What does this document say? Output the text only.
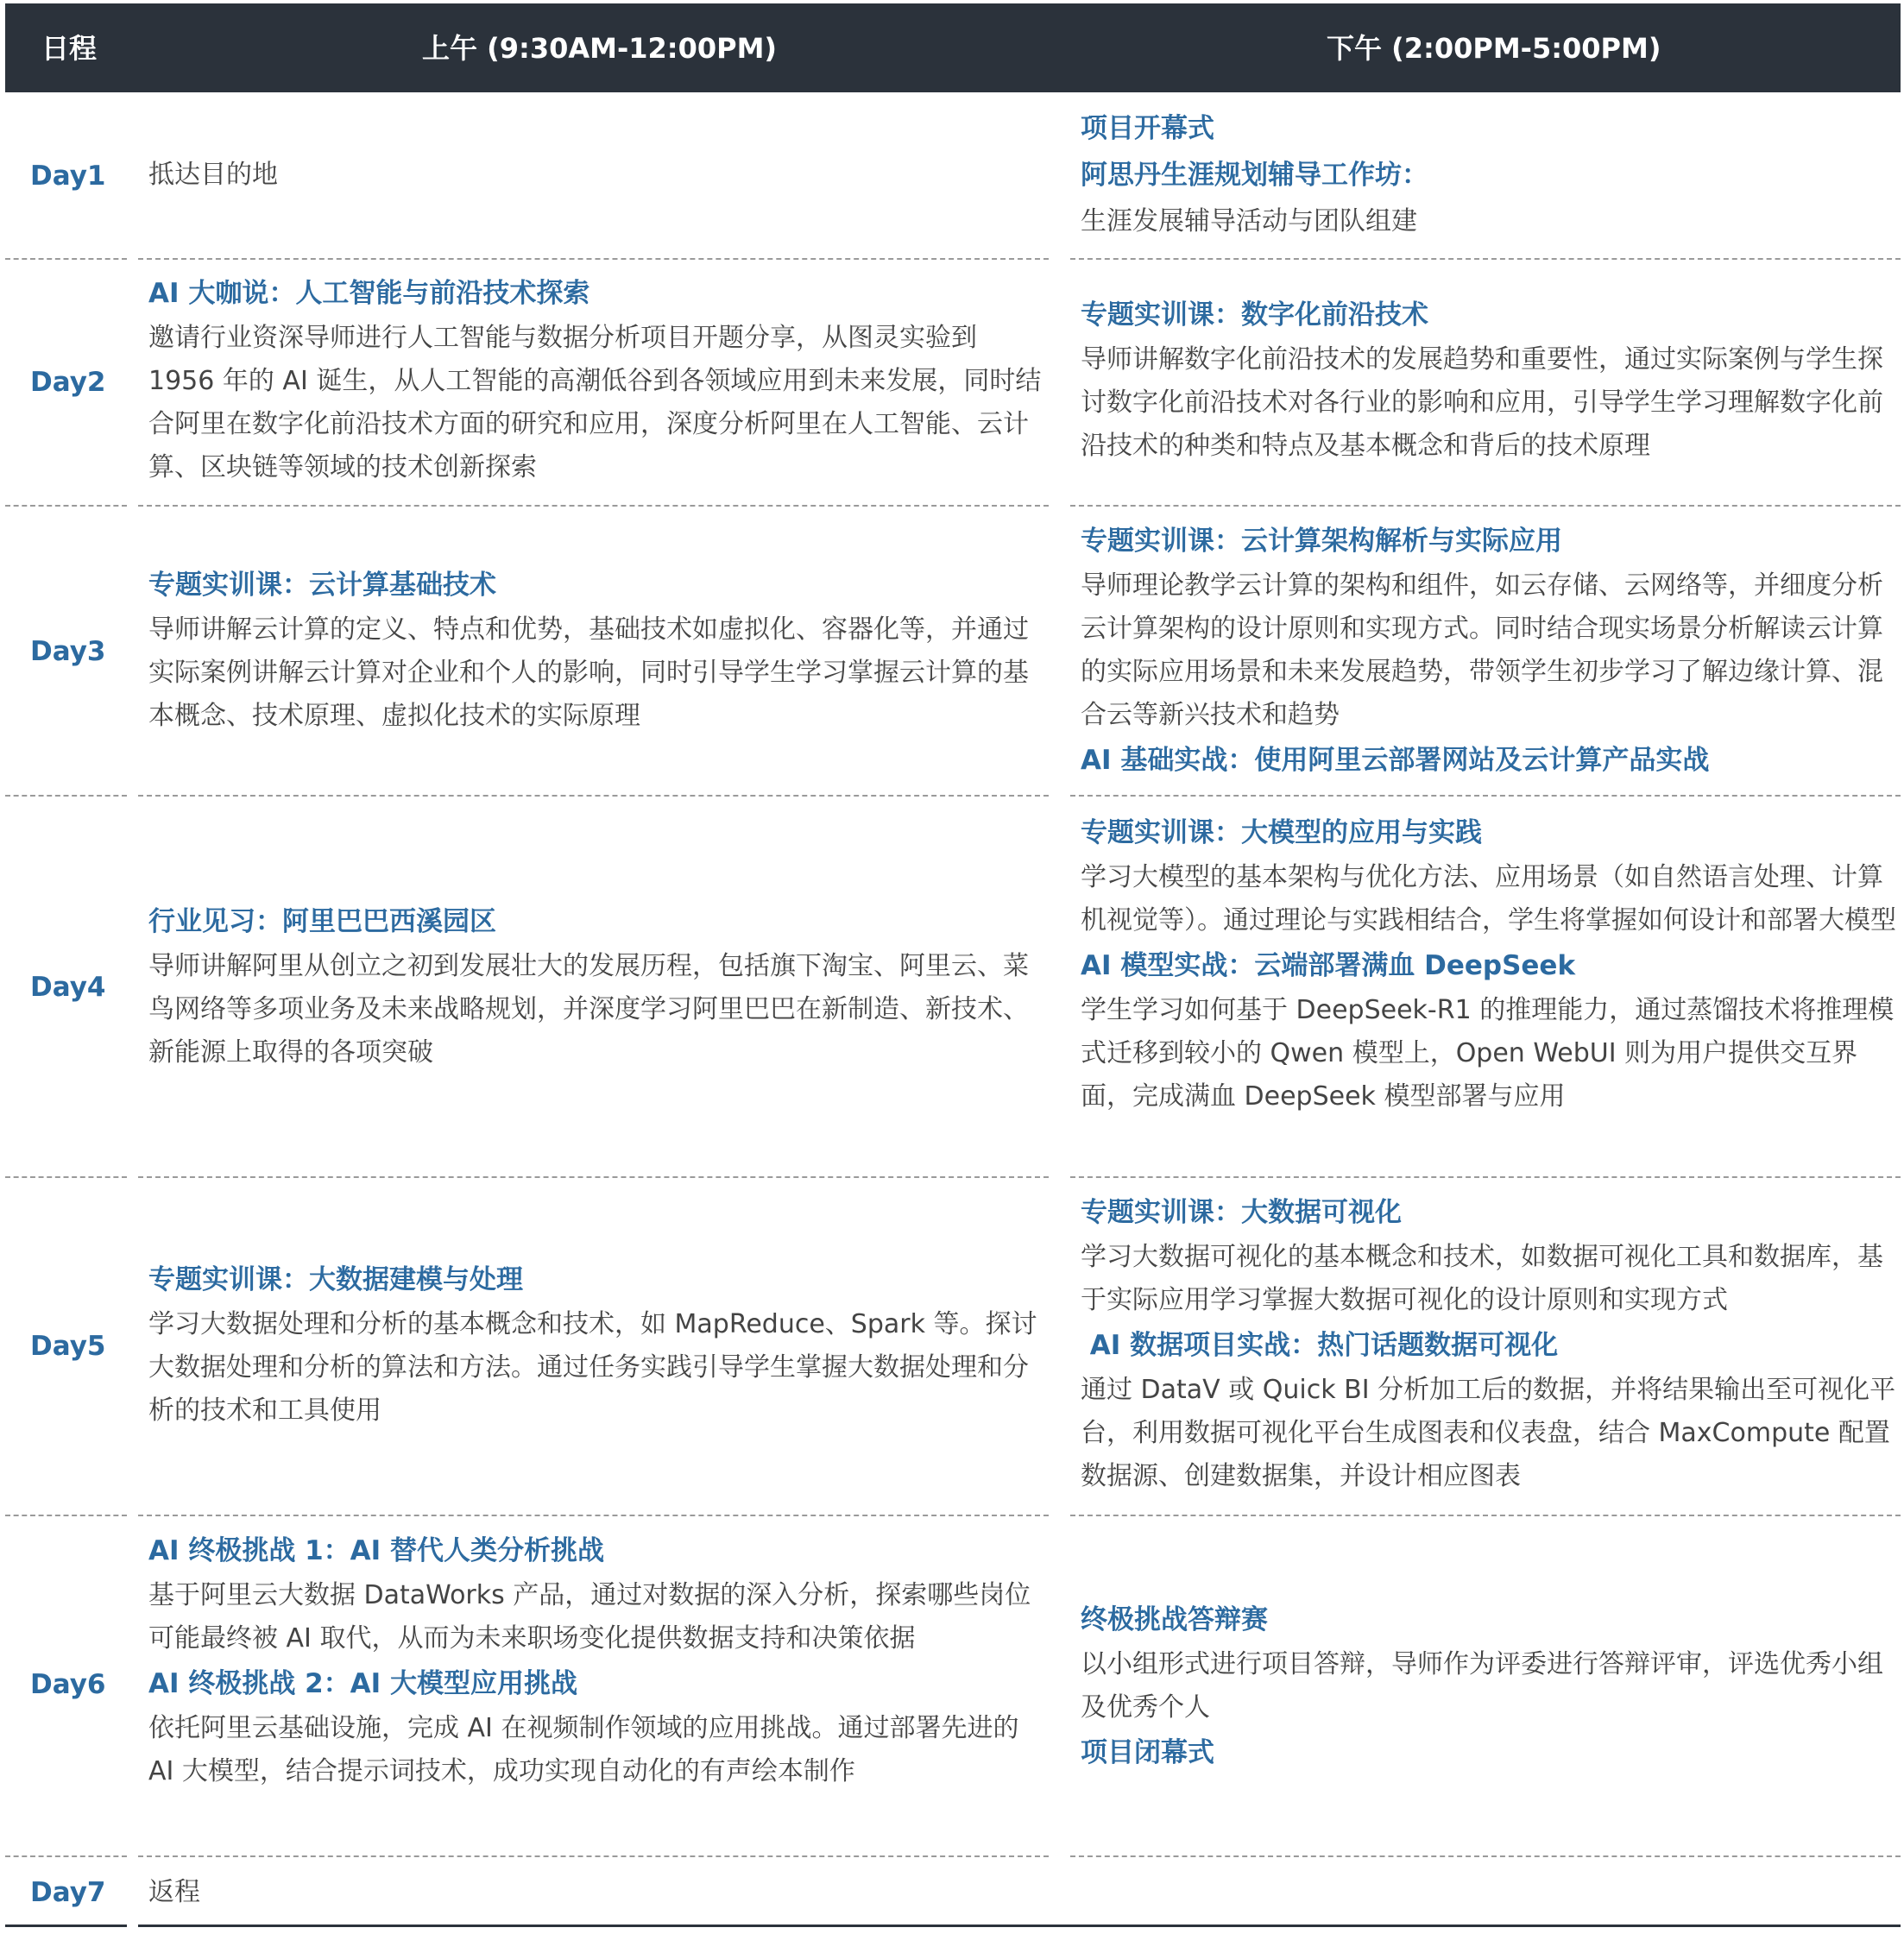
日程	上午 (9:30AM-12:00PM)	下午 (2:00PM-5:00PM)
Day1 抵达目的地
项目开幕式
阿思丹生涯规划辅导工作坊：
生涯发展辅导活动与团队组建
Day2
AI 大咖说：人工智能与前沿技术探索
邀请行业资深导师进行人工智能与数据分析项目开题分享，从图灵实验到 1956 年的 AI 诞生，从人工智能的高潮低谷到各领域应用到未来发展，同时结合阿里在数字化前沿技术方面的研究和应用，深度分析阿里在人工智能、云计算、区块链等领域的技术创新探索
专题实训课：数字化前沿技术
导师讲解数字化前沿技术的发展趋势和重要性，通过实际案例与学生探讨数字化前沿技术对各行业的影响和应用，引导学生学习理解数字化前沿技术的种类和特点及基本概念和背后的技术原理
Day3
专题实训课：云计算基础技术
导师讲解云计算的定义、特点和优势，基础技术如虚拟化、容器化等，并通过实际案例讲解云计算对企业和个人的影响，同时引导学生学习掌握云计算的基本概念、技术原理、虚拟化技术的实际原理
专题实训课：云计算架构解析与实际应用
导师理论教学云计算的架构和组件，如云存储、云网络等，并细度分析云计算架构的设计原则和实现方式。同时结合现实场景分析解读云计算的实际应用场景和未来发展趋势，带领学生初步学习了解边缘计算、混合云等新兴技术和趋势
AI 基础实战：使用阿里云部署网站及云计算产品实战
Day4
行业见习：阿里巴巴西溪园区
导师讲解阿里从创立之初到发展壮大的发展历程，包括旗下淘宝、阿里云、菜鸟网络等多项业务及未来战略规划，并深度学习阿里巴巴在新制造、新技术、新能源上取得的各项突破
专题实训课：大模型的应用与实践
学习大模型的基本架构与优化方法、应用场景（如自然语言处理、计算机视觉等）。通过理论与实践相结合，学生将掌握如何设计和部署大模型
AI 模型实战：云端部署满血 DeepSeek
学生学习如何基于 DeepSeek-R1 的推理能力，通过蒸馏技术将推理模式迁移到较小的 Qwen 模型上，Open WebUI 则为用户提供交互界面，完成满血 DeepSeek 模型部署与应用
Day5
专题实训课：大数据建模与处理
学习大数据处理和分析的基本概念和技术，如 MapReduce、Spark 等。探讨大数据处理和分析的算法和方法。通过任务实践引导学生掌握大数据处理和分析的技术和工具使用
专题实训课：大数据可视化
学习大数据可视化的基本概念和技术，如数据可视化工具和数据库，基于实际应用学习掌握大数据可视化的设计原则和实现方式
AI 数据项目实战：热门话题数据可视化
通过 DataV 或 Quick BI 分析加工后的数据，并将结果输出至可视化平台，利用数据可视化平台生成图表和仪表盘，结合 MaxCompute 配置数据源、创建数据集，并设计相应图表
Day6
AI 终极挑战 1：AI 替代人类分析挑战
基于阿里云大数据 DataWorks 产品，通过对数据的深入分析，探索哪些岗位可能最终被 AI 取代，从而为未来职场变化提供数据支持和决策依据
AI 终极挑战 2：AI 大模型应用挑战
依托阿里云基础设施，完成 AI 在视频制作领域的应用挑战。通过部署先进的 AI 大模型，结合提示词技术，成功实现自动化的有声绘本制作
终极挑战答辩赛
以小组形式进行项目答辩，导师作为评委进行答辩评审，评选优秀小组及优秀个人
项目闭幕式
Day7 返程
